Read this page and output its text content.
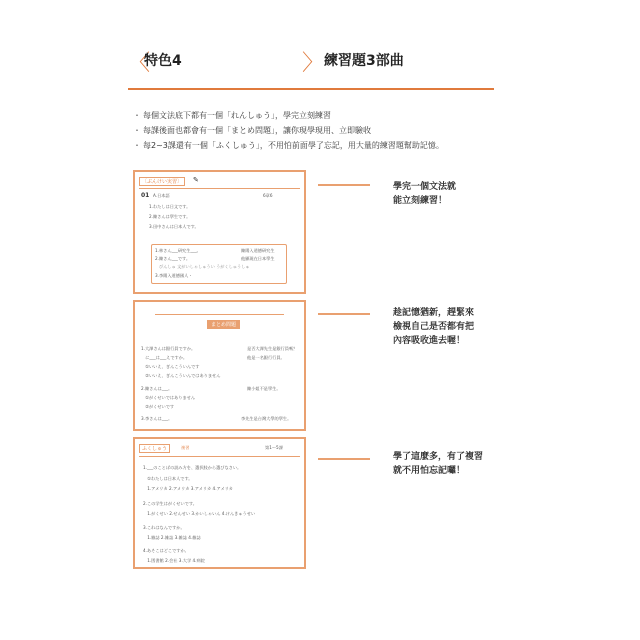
〈
特色4	〉 練習題3部曲
・ 每個文法底下都有一個「れんしゅう」，學完立刻練習
・ 每課後面也都會有一個「まとめ問題」，讓你現學現用、立即驗收
・ 每2~3課還有一個「ふくしゅう」，不用怕前面學了忘記，用大量的練習題幫助記憶。
〔ぶんけい実習〕	✎
01 A.日本語	6章6
1.わたしは日文です。
2.陳さんは學生です。
3.田中さんは日本人です。
1.林さん___研究生___。
2.陳さん___です。
ぴんしゅ 文がいしゃしゅうい うがくしゅうしゅ
3.李陽入道德國人・
陳陽入道德研究生
他顯現在日本學生
まとめ問題
1.大澤さんは銀行員ですか。
　に___は___えですか。
　①いいえ、ぎんこういんです
　②いいえ、ぎんこういんではありません
2.陳さんは___。
　①がくせいではありません
　②がくせいです
3.李さんは___。
是否大澤先生是銀行員嗎？
他是一名銀行行員。
陳小姐不是學生。
李先生是台灣大學的學生。
ふくしゅう	複習	第1～5課
1.___のことばの読み方を、選択肢から選びなさい。
　①わたしは日本人です。
　1.アメリカ 2.アメリカ 3.アメリカ 4.アメリカ
2.この学生はがくせいです。
　1.がくせい 2.せんせい 3.かいしゃいん 4.けんきゅうせい
3.これはなんですか。
　1.雑誌 2.雑誌 3.雑誌 4.雑誌
4.あそこはどこですか。
　1.図書館 2.会社 3.大学 4.病院
學完一個文法就
能立刻練習！
趁記憶猶新，趕緊來
檢視自己是否都有把
內容吸收進去喔！
學了這麼多，有了複習
就不用怕忘記囉！
